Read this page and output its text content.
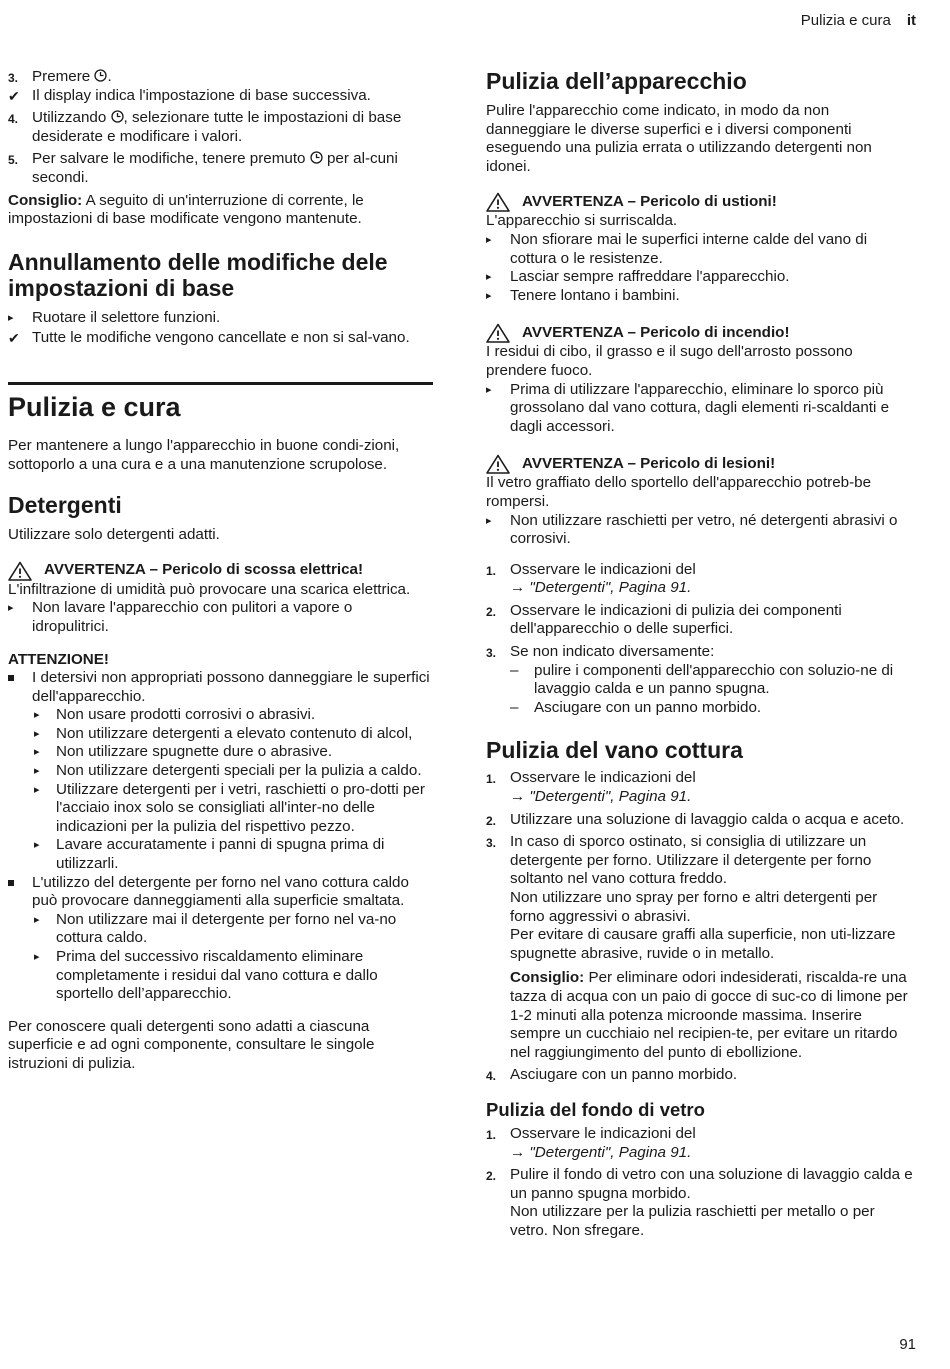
Pulizia e cura it
3. Premere .
✔ Il display indica l'impostazione di base successiva.
4. Utilizzando , selezionare tutte le impostazioni di base desiderate e modificare i valori.
5. Per salvare le modifiche, tenere premuto  per al-cuni secondi.

Consiglio: A seguito di un'interruzione di corrente, le impostazioni di base modificate vengono mantenute.

Annullamento delle modifiche dele impostazioni di base
▸ Ruotare il selettore funzioni.
✔ Tutte le modifiche vengono cancellate e non si sal-vano.
Pulizia e cura

Per mantenere a lungo l'apparecchio in buone condi-zioni, sottoporlo a una cura e a una manutenzione scrupolose.

Detergenti

Utilizzare solo detergenti adatti.

AVVERTENZA – Pericolo di scossa elettrica!

L'infiltrazione di umidità può provocare una scarica elettrica.

▸ Non lavare l'apparecchio con pulitori a vapore o idropulitrici.

ATTENZIONE!

I detersivi non appropriati possono danneggiare le superfici dell'apparecchio.
▸ Non usare prodotti corrosivi o abrasivi.
▸ Non utilizzare detergenti a elevato contenuto di alcol,
▸ Non utilizzare spugnette dure o abrasive.
▸ Non utilizzare detergenti speciali per la pulizia a caldo.
▸ Utilizzare detergenti per i vetri, raschietti o pro-dotti per l'acciaio inox solo se consigliati all'inter-no delle indicazioni per la pulizia del rispettivo pezzo.
▸ Lavare accuratamente i panni di spugna prima di utilizzarli.
L'utilizzo del detergente per forno nel vano cottura caldo può provocare danneggiamenti alla superficie smaltata.
▸ Non utilizzare mai il detergente per forno nel va-no cottura caldo.
▸ Prima del successivo riscaldamento eliminare completamente i residui dal vano cottura e dallo sportello dell’apparecchio.

Per conoscere quali detergenti sono adatti a ciascuna superficie e ad ogni componente, consultare le singole istruzioni di pulizia.

Pulizia dell’apparecchio

Pulire l'apparecchio come indicato, in modo da non danneggiare le diverse superfici e i diversi componenti eseguendo una pulizia errata o utilizzando detergenti non idonei.

AVVERTENZA – Pericolo di ustioni!

L'apparecchio si surriscalda.

▸ Non sfiorare mai le superfici interne calde del vano di cottura o le resistenze.
▸ Lasciar sempre raffreddare l'apparecchio.
▸ Tenere lontano i bambini.
AVVERTENZA – Pericolo di incendio!

I residui di cibo, il grasso e il sugo dell'arrosto possono prendere fuoco.

▸ Prima di utilizzare l'apparecchio, eliminare lo sporco più grossolano dal vano cottura, dagli elementi ri-scaldanti e dagli accessori.
AVVERTENZA – Pericolo di lesioni!

Il vetro graffiato dello sportello dell'apparecchio potreb-be rompersi.

▸ Non utilizzare raschietti per vetro, né detergenti abrasivi o corrosivi.
1. Osservare le indicazioni del
→ "Detergenti", Pagina 91.
2. Osservare le indicazioni di pulizia dei componenti dell'apparecchio o delle superfici.
3. Se non indicato diversamente:
– pulire i componenti dell'apparecchio con soluzio-ne di lavaggio calda e un panno spugna.
– Asciugare con un panno morbido.
Pulizia del vano cottura
1. Osservare le indicazioni del
→ "Detergenti", Pagina 91.
2. Utilizzare una soluzione di lavaggio calda o acqua e aceto.
3. In caso di sporco ostinato, si consiglia di utilizzare un detergente per forno. Utilizzare il detergente per forno soltanto nel vano cottura freddo.

Non utilizzare uno spray per forno e altri detergenti per forno aggressivi o abrasivi.

Per evitare di causare graffi alla superficie, non uti-lizzare spugnette abrasive, ruvide o in metallo.

Consiglio: Per eliminare odori indesiderati, riscalda-re una tazza di acqua con un paio di gocce di suc-co di limone per 1-2 minuti alla potenza microonde massima. Inserire sempre un cucchiaio nel recipien-te, per evitare un ritardo nel raggiungimento del punto di ebollizione.

4. Asciugare con un panno morbido.
Pulizia del fondo di vetro
1. Osservare le indicazioni del
→ "Detergenti", Pagina 91.
2. Pulire il fondo di vetro con una soluzione di lavaggio calda e un panno spugna morbido.

Non utilizzare per la pulizia raschietti per metallo o per vetro. Non sfregare.

91
